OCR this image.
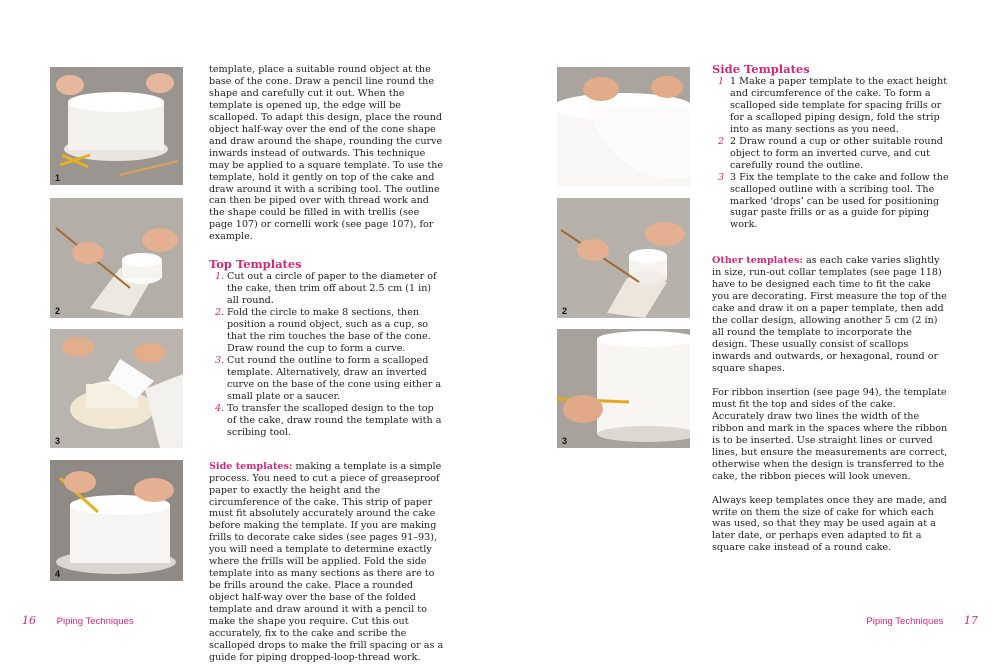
1
2
3
4

template, place a suitable round object at the base of the cone. Draw a pencil line round the shape and carefully cut it out. When the template is opened up, the edge will be scalloped. To adapt this design, place the round object half-way over the end of the cone shape and draw around the shape, rounding the curve inwards instead of outwards. This technique may be applied to a square template. To use the template, hold it gently on top of the cake and draw around it with a scribing tool. The outline can then be piped over with thread work and the shape could be filled in with trellis (see page 107) or cornelli work (see page 107), for example.

Top Templates
1. Cut out a circle of paper to the diameter of the cake, then trim off about 2.5 cm (1 in) all round.
2. Fold the circle to make 8 sections, then position a round object, such as a cup, so that the rim touches the base of the cone. Draw round the cup to form a curve.
3. Cut round the outline to form a scalloped template. Alternatively, draw an inverted curve on the base of the cone using either a small plate or a saucer.
4. To transfer the scalloped design to the top of the cake, draw round the template with a scribing tool.

Side templates: making a template is a simple process. You need to cut a piece of greaseproof paper to exactly the height and the circumference of the cake. This strip of paper must fit absolutely accurately around the cake before making the template. If you are making frills to decorate cake sides (see pages 91–93), you will need a template to determine exactly where the frills will be applied. Fold the side template into as many sections as there are to be frills around the cake. Place a rounded object half-way over the base of the folded template and draw around it with a pencil to make the shape you require. Cut this out accurately, fix to the cake and scribe the scalloped drops to make the frill spacing or as a guide for piping dropped-loop-thread work.

16 Piping Techniques
2
3
Side Templates
1 1 Make a paper template to the exact height and circumference of the cake. To form a scalloped side template for spacing frills or for a scalloped piping design, fold the strip into as many sections as you need.
2 2 Draw round a cup or other suitable round object to form an inverted curve, and cut carefully round the outline.
3 3 Fix the template to the cake and follow the scalloped outline with a scribing tool. The marked ‘drops’ can be used for positioning sugar paste frills or as a guide for piping work.

Other templates: as each cake varies slightly in size, run-out collar templates (see page 118) have to be designed each time to fit the cake you are decorating. First measure the top of the cake and draw it on a paper template, then add the collar design, allowing another 5 cm (2 in) all round the template to incorporate the design. These usually consist of scallops inwards and outwards, or hexagonal, round or square shapes.

For ribbon insertion (see page 94), the template must fit the top and sides of the cake. Accurately draw two lines the width of the ribbon and mark in the spaces where the ribbon is to be inserted. Use straight lines or curved lines, but ensure the measurements are correct, otherwise when the design is transferred to the cake, the ribbon pieces will look uneven.

Always keep templates once they are made, and write on them the size of cake for which each was used, so that they may be used again at a later date, or perhaps even adapted to fit a square cake instead of a round cake.

Piping Techniques 17
